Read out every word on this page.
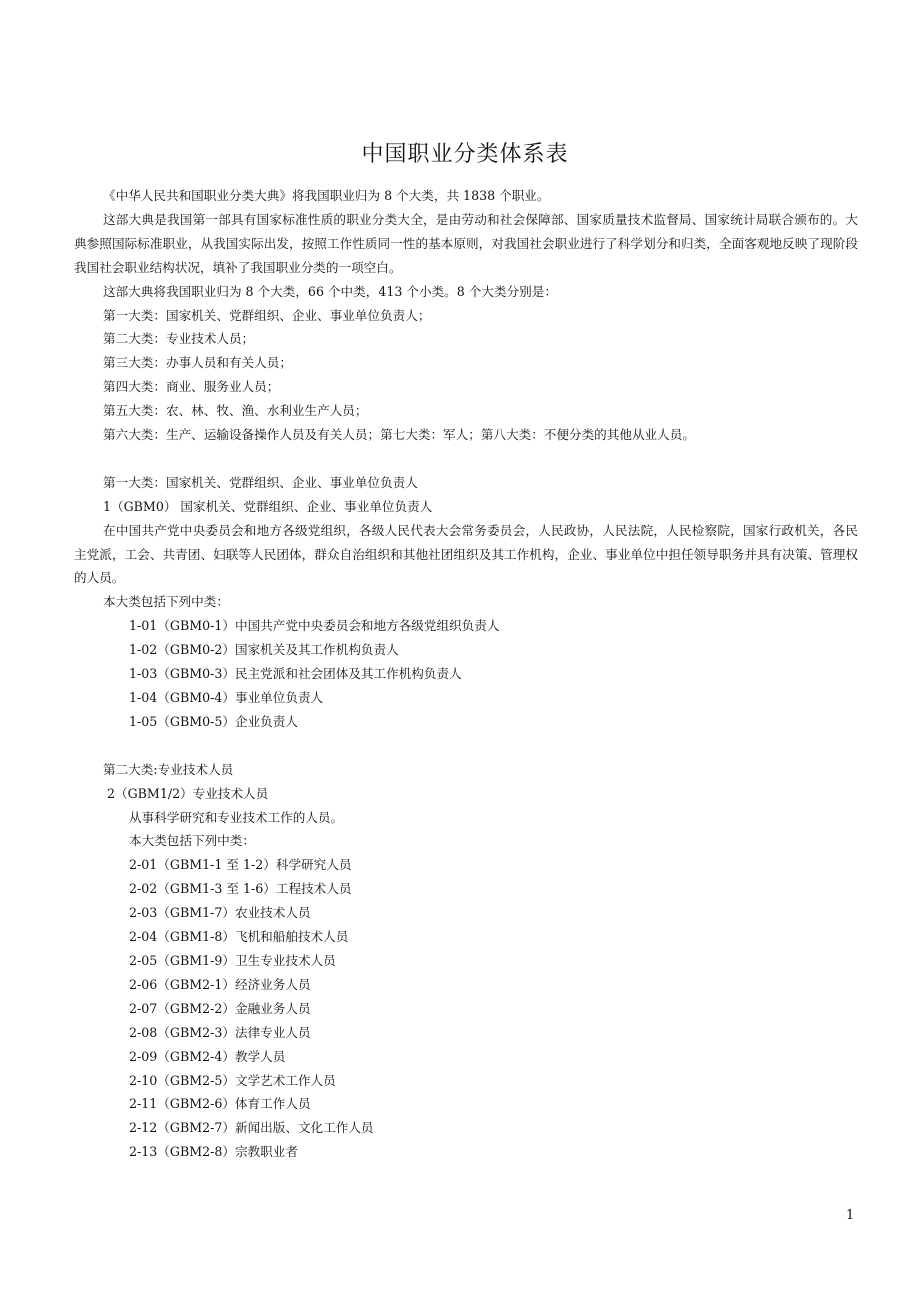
中国职业分类体系表

《中华人民共和国职业分类大典》将我国职业归为 8 个大类，共 1838 个职业。

这部大典是我国第一部具有国家标准性质的职业分类大全，是由劳动和社会保障部、国家质量技术监督局、国家统计局联合颁布的。大典参照国际标准职业，从我国实际出发，按照工作性质同一性的基本原则，对我国社会职业进行了科学划分和归类，全面客观地反映了现阶段我国社会职业结构状况，填补了我国职业分类的一项空白。

这部大典将我国职业归为 8 个大类，66 个中类，413 个小类。8 个大类分别是：

第一大类：国家机关、党群组织、企业、事业单位负责人；

第二大类：专业技术人员；

第三大类：办事人员和有关人员；

第四大类：商业、服务业人员；

第五大类：农、林、牧、渔、水利业生产人员；

第六大类：生产、运输设备操作人员及有关人员；第七大类：军人；第八大类：不便分类的其他从业人员。

第一大类：国家机关、党群组织、企业、事业单位负责人

1（GBM0） 国家机关、党群组织、企业、事业单位负责人

在中国共产党中央委员会和地方各级党组织，各级人民代表大会常务委员会，人民政协，人民法院，人民检察院，国家行政机关，各民主党派，工会、共青团、妇联等人民团体，群众自治组织和其他社团组织及其工作机构，企业、事业单位中担任领导职务并具有决策、管理权的人员。

本大类包括下列中类：

1-01（GBM0-1）中国共产党中央委员会和地方各级党组织负责人

1-02（GBM0-2）国家机关及其工作机构负责人

1-03（GBM0-3）民主党派和社会团体及其工作机构负责人

1-04（GBM0-4）事业单位负责人

1-05（GBM0-5）企业负责人

第二大类:专业技术人员

2（GBM1/2）专业技术人员

从事科学研究和专业技术工作的人员。

本大类包括下列中类：

2-01（GBM1-1 至 1-2）科学研究人员

2-02（GBM1-3 至 1-6）工程技术人员

2-03（GBM1-7）农业技术人员

2-04（GBM1-8）飞机和船舶技术人员

2-05（GBM1-9）卫生专业技术人员

2-06（GBM2-1）经济业务人员

2-07（GBM2-2）金融业务人员

2-08（GBM2-3）法律专业人员

2-09（GBM2-4）教学人员

2-10（GBM2-5）文学艺术工作人员

2-11（GBM2-6）体育工作人员

2-12（GBM2-7）新闻出版、文化工作人员

2-13（GBM2-8）宗教职业者

1
